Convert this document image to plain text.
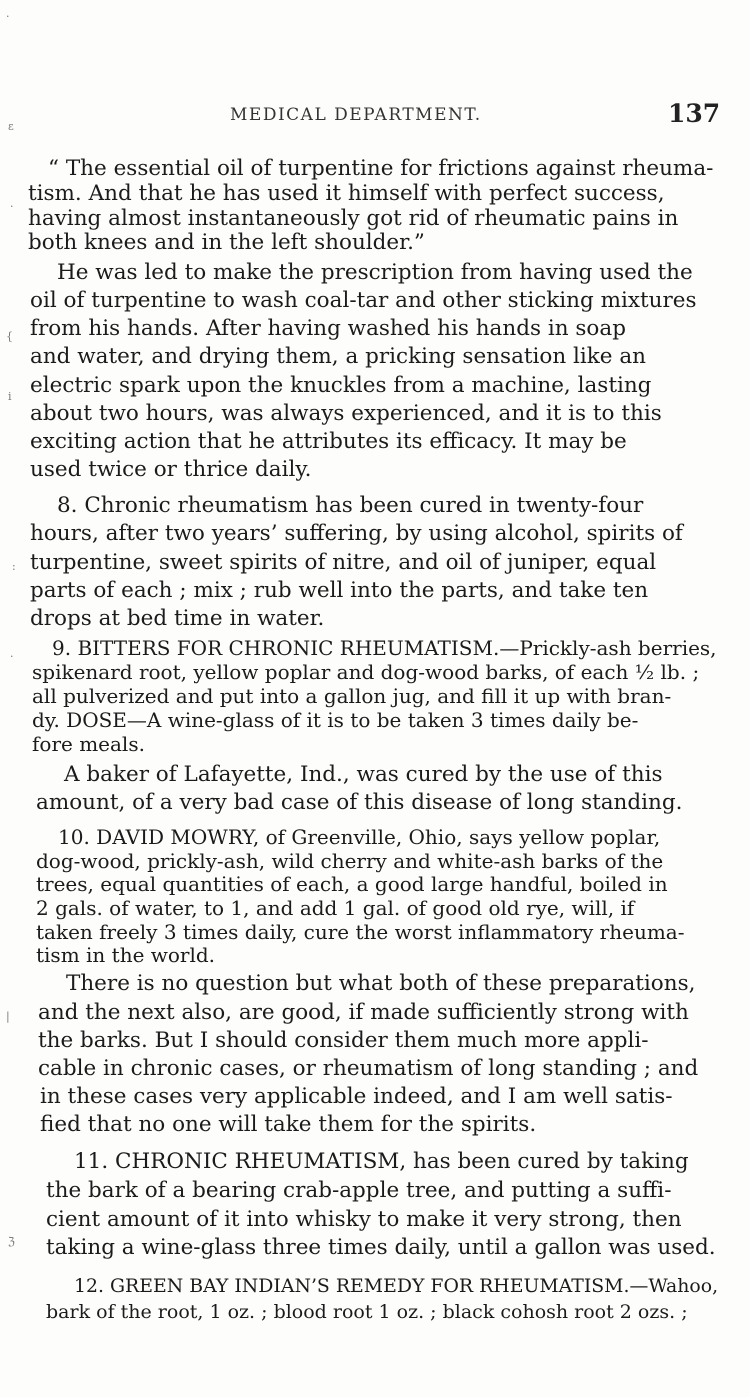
·
ɛ
·
{
i
:
·
|
ℨ
MEDICAL DEPARTMENT.	137
“ The essential oil of turpentine for frictions against rheuma-
tism. And that he has used it himself with perfect success,
having almost instantaneously got rid of rheumatic pains in
both knees and in the left shoulder.”
He was led to make the prescription from having used the
oil of turpentine to wash coal-tar and other sticking mixtures
from his hands. After having washed his hands in soap
and water, and drying them, a pricking sensation like an
electric spark upon the knuckles from a machine, lasting
about two hours, was always experienced, and it is to this
exciting action that he attributes its efficacy. It may be
used twice or thrice daily.
8. Chronic rheumatism has been cured in twenty-four
hours, after two years’ suffering, by using alcohol, spirits of
turpentine, sweet spirits of nitre, and oil of juniper, equal
parts of each ; mix ; rub well into the parts, and take ten
drops at bed time in water.
9. BITTERS FOR CHRONIC RHEUMATISM.—Prickly-ash berries,
spikenard root, yellow poplar and dog-wood barks, of each ½ lb. ;
all pulverized and put into a gallon jug, and fill it up with bran-
dy. DOSE—A wine-glass of it is to be taken 3 times daily be-
fore meals.
A baker of Lafayette, Ind., was cured by the use of this
amount, of a very bad case of this disease of long standing.
10. DAVID MOWRY, of Greenville, Ohio, says yellow poplar,
dog-wood, prickly-ash, wild cherry and white-ash barks of the
trees, equal quantities of each, a good large handful, boiled in
2 gals. of water, to 1, and add 1 gal. of good old rye, will, if
taken freely 3 times daily, cure the worst inflammatory rheuma-
tism in the world.
There is no question but what both of these preparations,
and the next also, are good, if made sufficiently strong with
the barks. But I should consider them much more appli-
cable in chronic cases, or rheumatism of long standing ; and
in these cases very applicable indeed, and I am well satis-
fied that no one will take them for the spirits.
11. CHRONIC RHEUMATISM, has been cured by taking
the bark of a bearing crab-apple tree, and putting a suffi-
cient amount of it into whisky to make it very strong, then
taking a wine-glass three times daily, until a gallon was used.
12. GREEN BAY INDIAN’S REMEDY FOR RHEUMATISM.—Wahoo,
bark of the root, 1 oz. ; blood root 1 oz. ; black cohosh root 2 ozs. ;
